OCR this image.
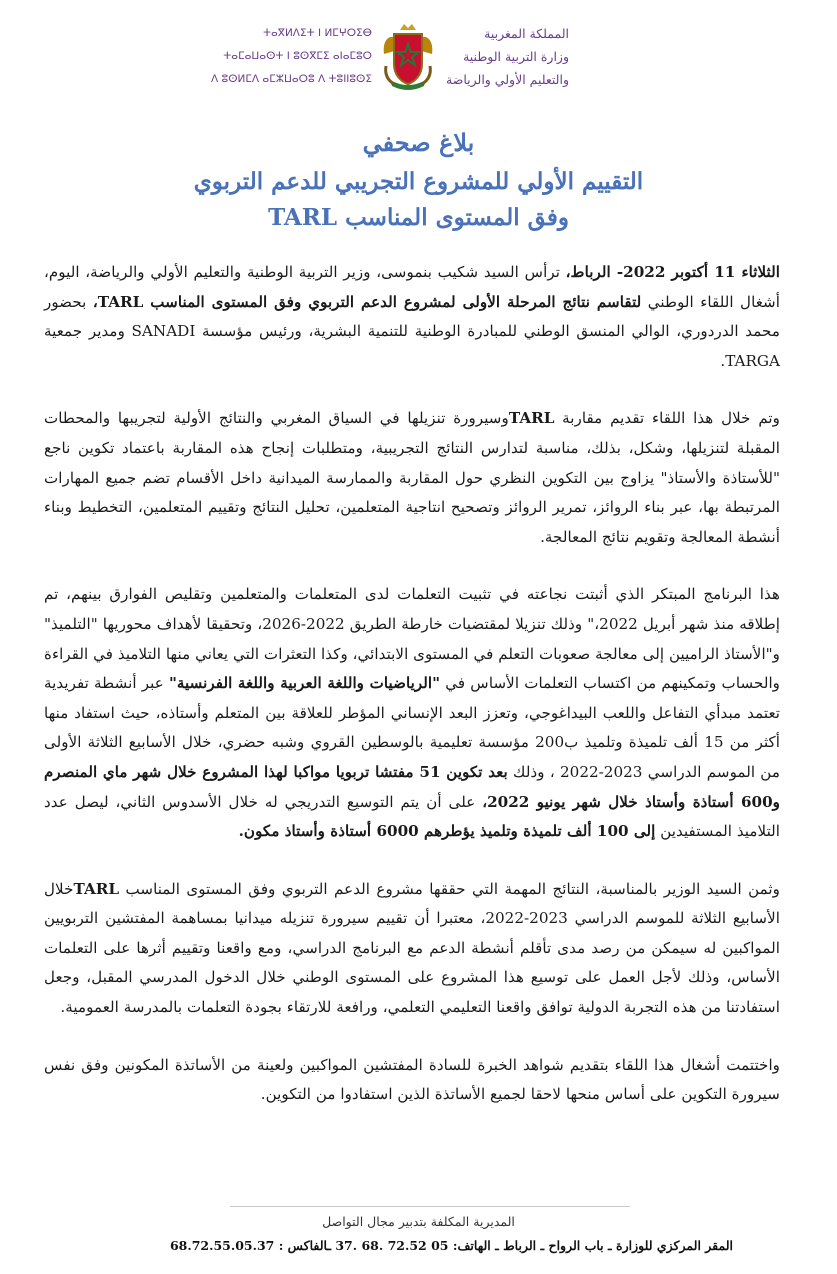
المملكة المغربية
وزارة التربية الوطنية
والتعليم الأولي والرياضة
ⵜⴰⴳⵍⴷⵉⵜ ⵏ ⵍⵎⵖⵔⵉⴱ
ⵜⴰⵎⴰⵡⴰⵙⵜ ⵏ ⵓⵙⴳⵎⵉ ⴰⵏⴰⵎⵓⵔ
ⴷ ⵓⵙⵍⵎⴷ ⴰⵎⵣⵡⴰⵔⵓ ⴷ ⵜⵓⵏⵏⵓⵙⵉ
بلاغ صحفي
التقييم الأولي للمشروع التجريبي للدعم التربوي
وفق المستوى المناسب TARL

الثلاثاء 11 أكتوبر 2022- الرباط، ترأس السيد شكيب بنموسى، وزير التربية الوطنية والتعليم الأولي والرياضة، اليوم، أشغال اللقاء الوطني لتقاسم نتائج المرحلة الأولى لمشروع الدعم التربوي وفق المستوى المناسب TARL، بحضور محمد الدردوري، الوالي المنسق الوطني للمبادرة الوطنية للتنمية البشرية، ورئيس مؤسسة SANADI ومدير جمعية TARGA.

وتم خلال هذا اللقاء تقديم مقاربة TARLوسيرورة تنزيلها في السياق المغربي والنتائج الأولية لتجريبها والمحطات المقبلة لتنزيلها، وشكل، بذلك، مناسبة لتدارس النتائج التجريبية، ومتطلبات إنجاح هذه المقاربة باعتماد تكوين ناجع "للأستاذة والأستاذ" يزاوج بين التكوين النظري حول المقاربة والممارسة الميدانية داخل الأقسام تضم جميع المهارات المرتبطة بها، عبر بناء الروائز، تمرير الروائز وتصحيح انتاجية المتعلمين، تحليل النتائج وتقييم المتعلمين، التخطيط وبناء أنشطة المعالجة وتقويم نتائج المعالجة.

هذا البرنامج المبتكر الذي أثبتت نجاعته في تثبيت التعلمات لدى المتعلمات والمتعلمين وتقليص الفوارق بينهم، تم إطلاقه منذ شهر أبريل 2022،" وذلك تنزيلا لمقتضيات خارطة الطريق 2022-2026، وتحقيقا لأهداف محوريها "التلميذ" و"الأستاذ الراميين إلى معالجة صعوبات التعلم في المستوى الابتدائي، وكذا التعثرات التي يعاني منها التلاميذ في القراءة والحساب وتمكينهم من اكتساب التعلمات الأساس في "الرياضيات واللغة العربية واللغة الفرنسية" عبر أنشطة تفريدية تعتمد مبدأي التفاعل واللعب البيداغوجي، وتعزز البعد الإنساني المؤطر للعلاقة بين المتعلم وأستاذه، حيث استفاد منها أكثر من 15 ألف تلميذة وتلميذ ب200 مؤسسة تعليمية بالوسطين القروي وشبه حضري، خلال الأسابيع الثلاثة الأولى من الموسم الدراسي 2023-2022 ، وذلك بعد تكوين 51 مفتشا تربويا مواكبا لهذا المشروع خلال شهر ماي المنصرم و600 أستاذة وأستاذ خلال شهر يونيو 2022، على أن يتم التوسيع التدريجي له خلال الأسدوس الثاني، ليصل عدد التلاميذ المستفيدين إلى 100 ألف تلميذة وتلميذ يؤطرهم 6000 أستاذة وأستاذ مكون.

وثمن السيد الوزير بالمناسبة، النتائج المهمة التي حققها مشروع الدعم التربوي وفق المستوى المناسب TARLخلال الأسابيع الثلاثة للموسم الدراسي 2023-2022، معتبرا أن تقييم سيرورة تنزيله ميدانيا بمساهمة المفتشين التربويين المواكبين له سيمكن من رصد مدى تأقلم أنشطة الدعم مع البرنامج الدراسي، ومع واقعنا وتقييم أثرها على التعلمات الأساس، وذلك لأجل العمل على توسيع هذا المشروع على المستوى الوطني خلال الدخول المدرسي المقبل، وجعل استفادتنا من هذه التجربة الدولية توافق واقعنا التعليمي التعلمي، ورافعة للارتقاء بجودة التعلمات بالمدرسة العمومية.

واختتمت أشغال هذا اللقاء بتقديم شواهد الخبرة للسادة المفتشين المواكبين ولعينة من الأساتذة المكونين وفق نفس سيرورة التكوين على أساس منحها لاحقا لجميع الأساتذة الذين استفادوا من التكوين.

المديرية المكلفة بتدبير مجال التواصل
المقر المركزي للوزارة ـ باب الرواح ـ الرباط ـ الهاتف: 05 72.52 .68 .37 ـالفاكس : 68.72.55.05.37
